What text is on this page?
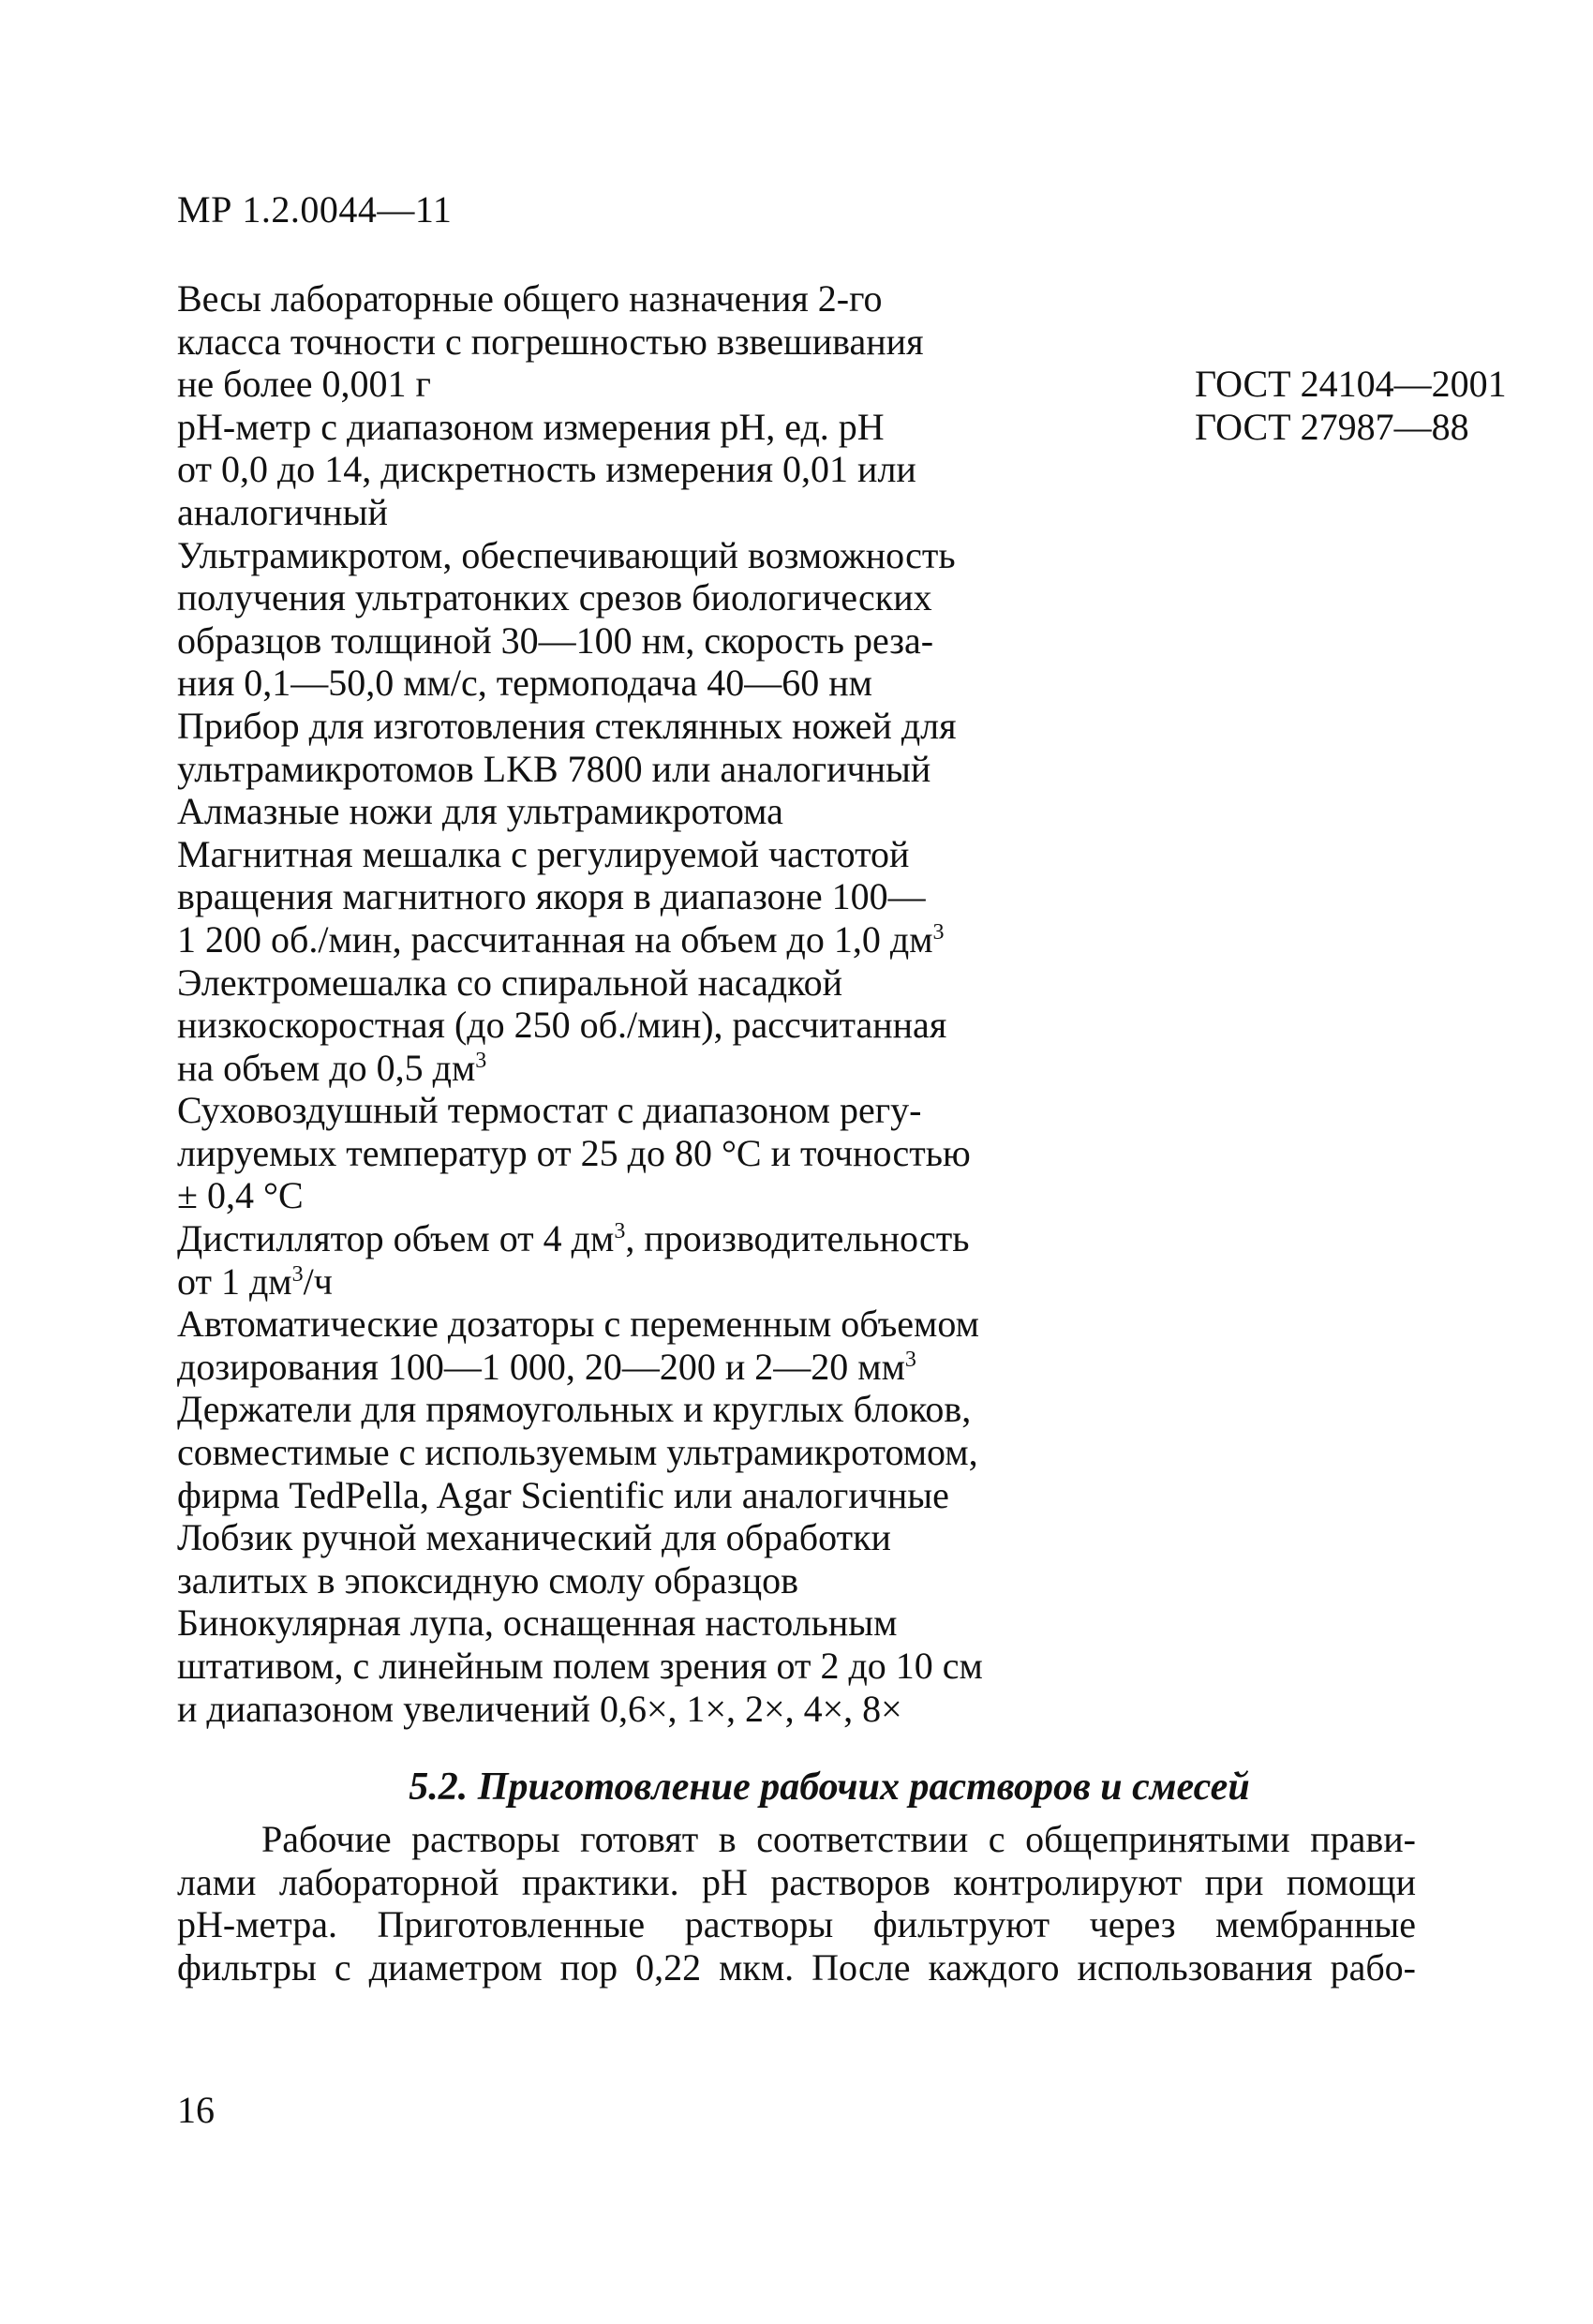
МР 1.2.0044—11
Весы лабораторные общего назначения 2-го
класса точности с погрешностью взвешивания
не более 0,001 г	ГОСТ 24104—2001
pH-метр с диапазоном измерения pH, ед. pH
от 0,0 до 14, дискретность измерения 0,01 или
аналогичный
ГОСТ 27987—88
Ультрамикротом, обеспечивающий возможность
получения ультратонких срезов биологических
образцов толщиной 30—100 нм, скорость реза-
ния 0,1—50,0 мм/с, термоподача 40—60 нм
Прибор для изготовления стеклянных ножей для
ультрамикротомов LKB 7800 или аналогичный
Алмазные ножи для ультрамикротома
Магнитная мешалка с регулируемой частотой
вращения магнитного якоря в диапазоне 100—
1 200 об./мин, рассчитанная на объем до 1,0 $дм^3$
Электромешалка со спиральной насадкой
низкоскоростная (до 250 об./мин), рассчитанная
на объем до 0,5 $дм^3$
Суховоздушный термостат с диапазоном регу-
лируемых температур от 25 до 80 °С и точностью
± 0,4 °С
Дистиллятор объем от 4 $дм^3$, производительность
от 1 $дм^3/ч$
Автоматические дозаторы с переменным объемом
дозирования 100—1 000, 20—200 и 2—20 $мм^3$
Держатели для прямоугольных и круглых блоков,
совместимые с используемым ультрамикротомом,
фирма TedPella, Agar Scientific или аналогичные
Лобзик ручной механический для обработки
залитых в эпоксидную смолу образцов
Бинокулярная лупа, оснащенная настольным
штативом, с линейным полем зрения от 2 до 10 см
и диапазоном увеличений 0,6×, 1×, 2×, 4×, 8×
5.2. Приготовление рабочих растворов и смесей
Рабочие растворы готовят в соответствии с общепринятыми прави-
лами лабораторной практики. pH растворов контролируют при помощи
pH-метра. Приготовленные растворы фильтруют через мембранные
фильтры с диаметром пор 0,22 мкм. После каждого использования рабо-
16
